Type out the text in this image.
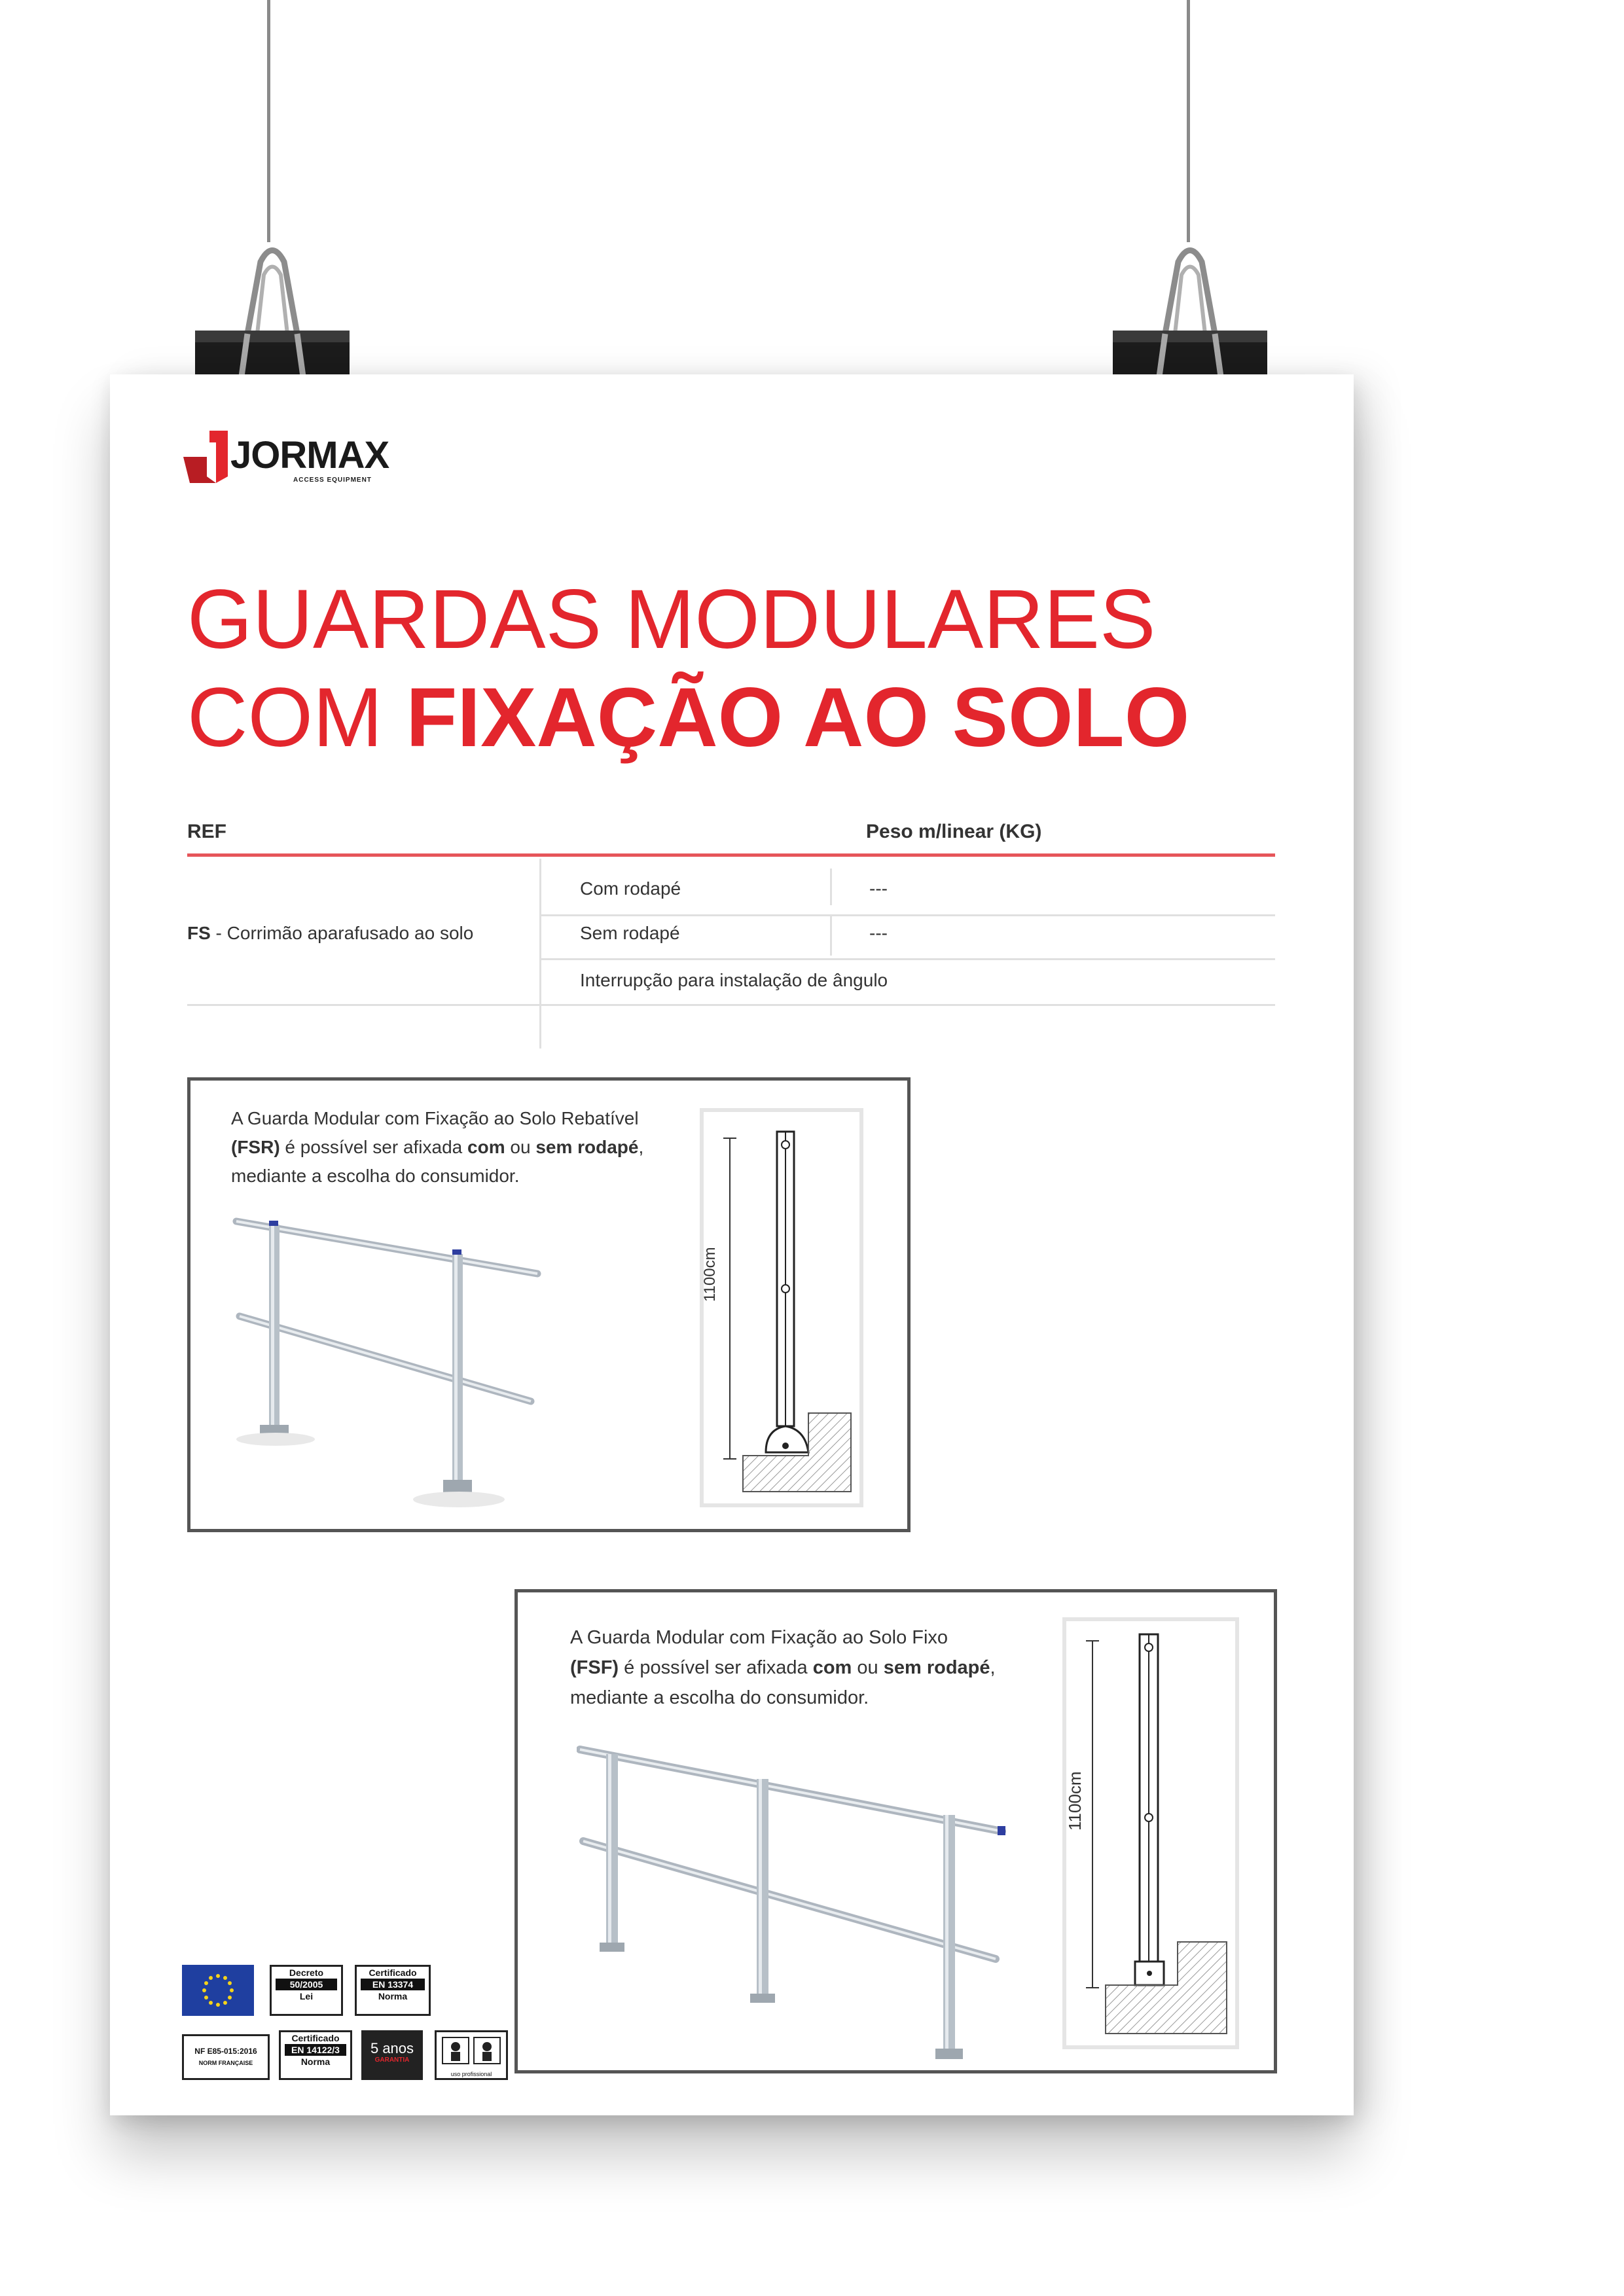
JORMAX
ACCESS EQUIPMENT
GUARDAS MODULARES
COM FIXAÇÃO AO SOLO
REF	Peso m/linear (KG)
FS - Corrimão aparafusado ao solo
Com rodapé	---
Sem rodapé	---
Interrupção para instalação de ângulo
A Guarda Modular com Fixação ao Solo Rebatível
(FSR) é possível ser afixada com ou sem rodapé,
mediante a escolha do consumidor.
1100cm
A Guarda Modular com Fixação ao Solo Fixo
(FSF) é possível ser afixada com ou sem rodapé,
mediante a escolha do consumidor.
1100cm
Decreto
50/2005
Lei
Certificado
EN 13374
Norma
NF E85-015:2016
NORM FRANÇAISE
Certificado
EN 14122/3
Norma
5 anos
GARANTIA
uso profissional
